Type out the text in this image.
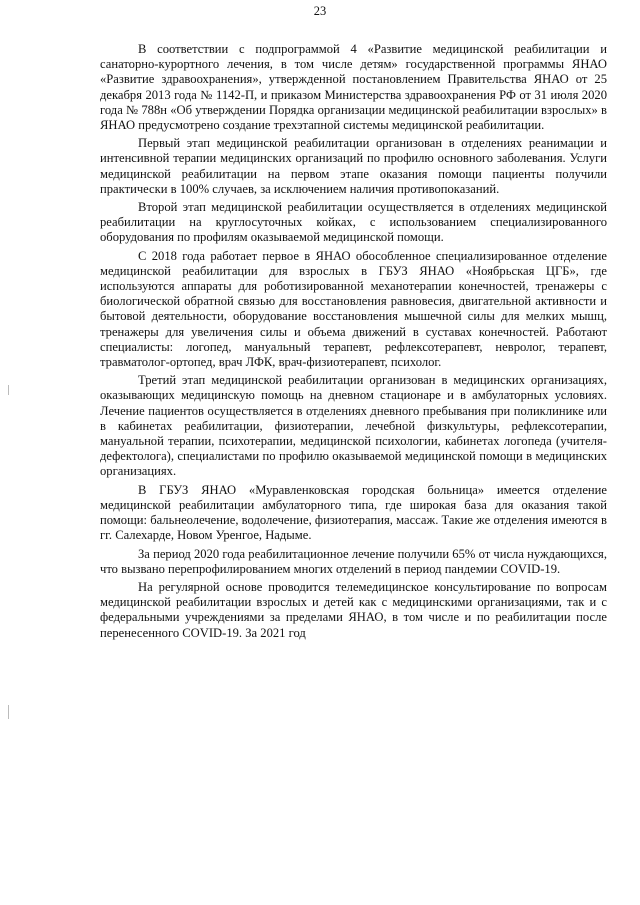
23

В соответствии с подпрограммой 4 «Развитие медицинской реабилитации и санаторно-курортного лечения, в том числе детям» государственной программы ЯНАО «Развитие здравоохранения», утвержденной постановлением Правительства ЯНАО от 25 декабря 2013 года № 1142-П, и приказом Министерства здравоохранения РФ от 31 июля 2020 года № 788н «Об утверждении Порядка организации медицинской реабилитации взрослых» в ЯНАО предусмотрено создание трехэтапной системы медицинской реабилитации.

Первый этап медицинской реабилитации организован в отделениях реанимации и интенсивной терапии медицинских организаций по профилю основного заболевания. Услуги медицинской реабилитации на первом этапе оказания помощи пациенты получили практически в 100% случаев, за исключением наличия противопоказаний.

Второй этап медицинской реабилитации осуществляется в отделениях медицинской реабилитации на круглосуточных койках, с использованием специализированного оборудования по профилям оказываемой медицинской помощи.

С 2018 года работает первое в ЯНАО обособленное специализированное отделение медицинской реабилитации для взрослых в ГБУЗ ЯНАО «Ноябрьская ЦГБ», где используются аппараты для роботизированной механотерапии конечностей, тренажеры с биологической обратной связью для восстановления равновесия, двигательной активности и бытовой деятельности, оборудование восстановления мышечной силы для мелких мышц, тренажеры для увеличения силы и объема движений в суставах конечностей. Работают специалисты: логопед, мануальный терапевт, рефлексотерапевт, невролог, терапевт, травматолог-ортопед, врач ЛФК, врач-физиотерапевт, психолог.

Третий этап медицинской реабилитации организован в медицинских организациях, оказывающих медицинскую помощь на дневном стационаре и в амбулаторных условиях. Лечение пациентов осуществляется в отделениях дневного пребывания при поликлинике или в кабинетах реабилитации, физиотерапии, лечебной физкультуры, рефлексотерапии, мануальной терапии, психотерапии, медицинской психологии, кабинетах логопеда (учителя-дефектолога), специалистами по профилю оказываемой медицинской помощи в медицинских организациях.

В ГБУЗ ЯНАО «Муравленковская городская больница» имеется отделение медицинской реабилитации амбулаторного типа, где широкая база для оказания такой помощи: бальнеолечение, водолечение, физиотерапия, массаж. Такие же отделения имеются в гг. Салехарде, Новом Уренгое, Надыме.

За период 2020 года реабилитационное лечение получили 65% от числа нуждающихся, что вызвано перепрофилированием многих отделений в период пандемии COVID-19.

На регулярной основе проводится телемедицинское консультирование по вопросам медицинской реабилитации взрослых и детей как с медицинскими организациями, так и с федеральными учреждениями за пределами ЯНАО, в том числе и по реабилитации после перенесенного COVID-19. За 2021 год
